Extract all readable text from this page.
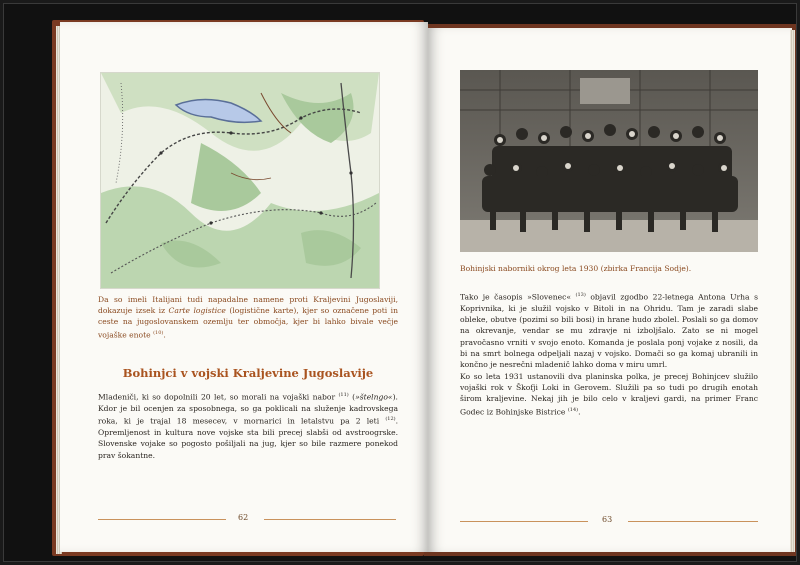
Da so imeli Italijani tudi napadalne namene proti Kraljevini Jugoslaviji, dokazuje izsek iz Carte logistice (logistične karte), kjer so označene poti in ceste na jugoslovanskem ozemlju ter območja, kjer bi lahko bivale večje vojaške enote $^{(10)}$.
Bohinjci v vojski Kraljevine Jugoslavije
Mladeniči, ki so dopolnili 20 let, so morali na vojaški nabor $^{(11)}$ (»štelngo«). Kdor je bil ocenjen za sposobnega, so ga poklicali na služenje kadrovskega roka, ki je trajal 18 mesecev, v mornarici in letalstvu pa 2 leti $^{(12)}$. Opremljenost in kultura nove vojske sta bili precej slabši od avstroogrske. Slovenske vojake so pogosto pošiljali na jug, kjer so bile razmere ponekod prav šokantne.
62
Bohinjski naborniki okrog leta 1930 (zbirka Francija Sodje).
Tako je časopis »Slovenec« $^{(13)}$ objavil zgodbo 22-letnega Antona Urha s Koprivnika, ki je služil vojsko v Bitoli in na Ohridu. Tam je zaradi slabe obleke, obutve (pozimi so bili bosi) in hrane hudo zbolel. Poslali so ga domov na okrevanje, vendar se mu zdravje ni izboljšalo. Zato se ni mogel pravočasno vrniti v svojo enoto. Komanda je poslala ponj vojake z nosili, da bi na smrt bolnega odpeljali nazaj v vojsko. Domači so ga komaj ubranili in končno je nesrečni mladenič lahko doma v miru umrl.
Ko so leta 1931 ustanovili dva planinska polka, je precej Bohinjcev služilo vojaški rok v Škofji Loki in Gerovem. Služili pa so tudi po drugih enotah širom kraljevine. Nekaj jih je bilo celo v kraljevi gardi, na primer Franc Godec iz Bohinjske Bistrice $^{(14)}$.
63
